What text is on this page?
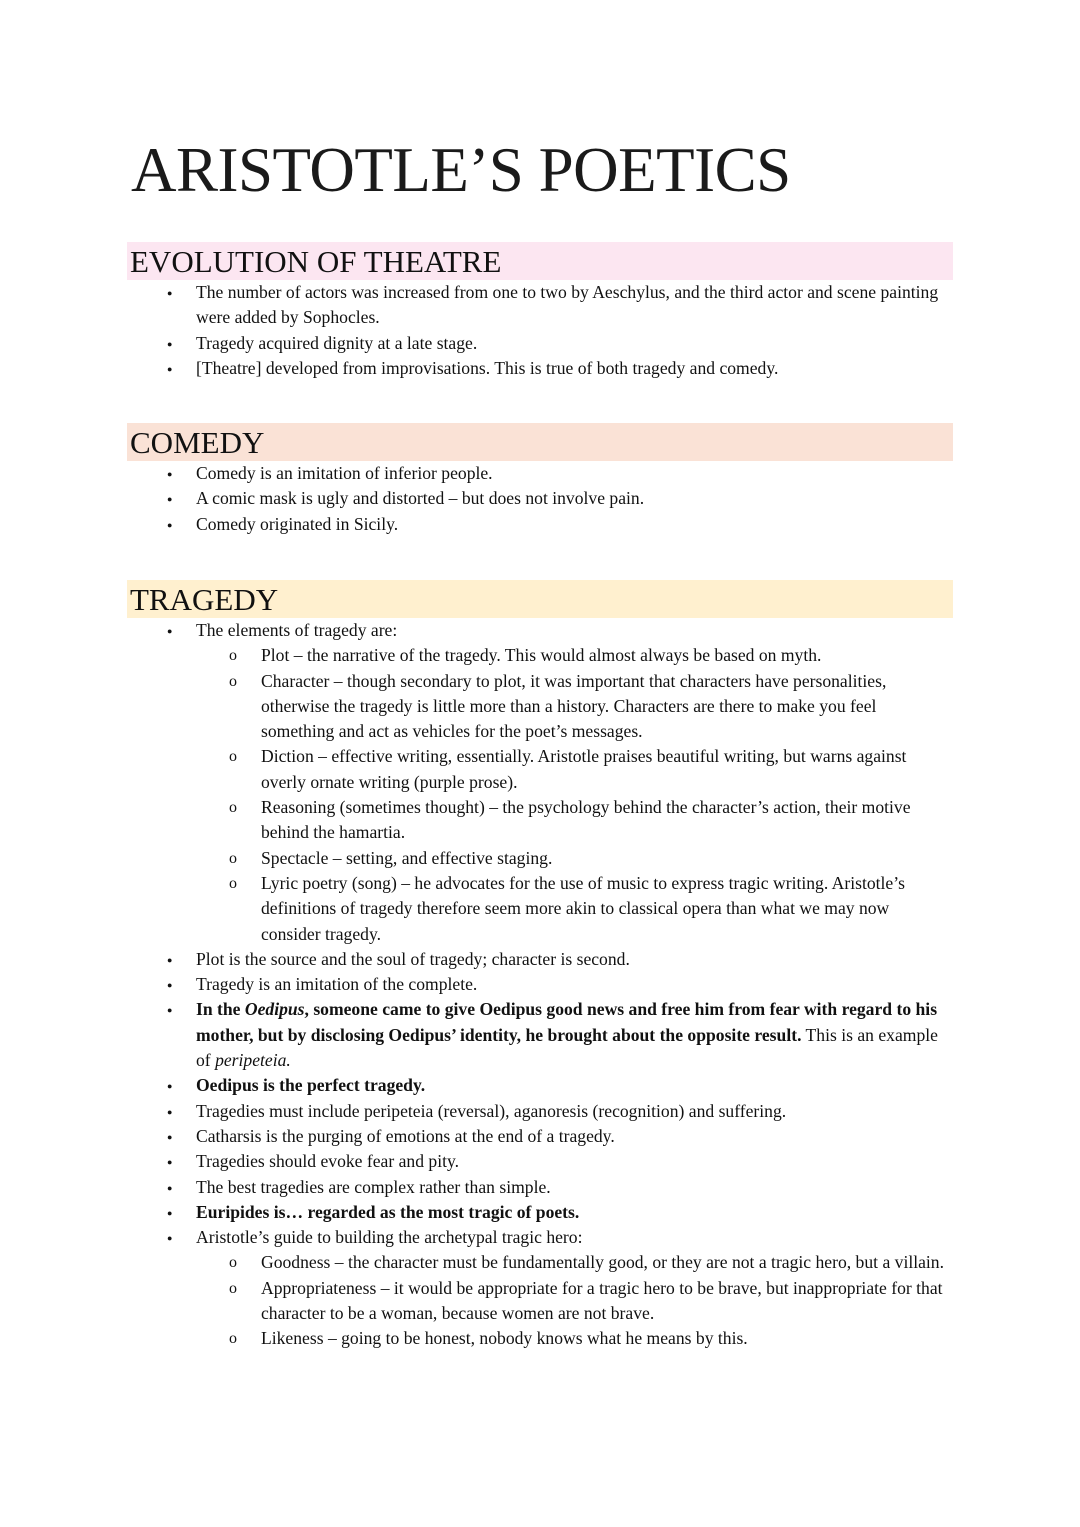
ARISTOTLE’S POETICS
EVOLUTION OF THEATRE
● The number of actors was increased from one to two by Aeschylus, and the third actor and scene painting were added by Sophocles.
● Tragedy acquired dignity at a late stage.
● [Theatre] developed from improvisations. This is true of both tragedy and comedy.
COMEDY
● Comedy is an imitation of inferior people.
● A comic mask is ugly and distorted – but does not involve pain.
● Comedy originated in Sicily.
TRAGEDY
● The elements of tragedy are:
o Plot – the narrative of the tragedy. This would almost always be based on myth.
o Character – though secondary to plot, it was important that characters have personalities, otherwise the tragedy is little more than a history. Characters are there to make you feel something and act as vehicles for the poet’s messages.
o Diction – effective writing, essentially. Aristotle praises beautiful writing, but warns against overly ornate writing (purple prose).
o Reasoning (sometimes thought) – the psychology behind the character’s action, their motive behind the hamartia.
o Spectacle – setting, and effective staging.
o Lyric poetry (song) – he advocates for the use of music to express tragic writing. Aristotle’s definitions of tragedy therefore seem more akin to classical opera than what we may now consider tragedy.
● Plot is the source and the soul of tragedy; character is second.
● Tragedy is an imitation of the complete.
● In the Oedipus, someone came to give Oedipus good news and free him from fear with regard to his mother, but by disclosing Oedipus’ identity, he brought about the opposite result. This is an example of peripeteia.
● Oedipus is the perfect tragedy.
● Tragedies must include peripeteia (reversal), aganoresis (recognition) and suffering.
● Catharsis is the purging of emotions at the end of a tragedy.
● Tragedies should evoke fear and pity.
● The best tragedies are complex rather than simple.
● Euripides is… regarded as the most tragic of poets.
● Aristotle’s guide to building the archetypal tragic hero:
o Goodness – the character must be fundamentally good, or they are not a tragic hero, but a villain.
o Appropriateness – it would be appropriate for a tragic hero to be brave, but inappropriate for that character to be a woman, because women are not brave.
o Likeness – going to be honest, nobody knows what he means by this.
